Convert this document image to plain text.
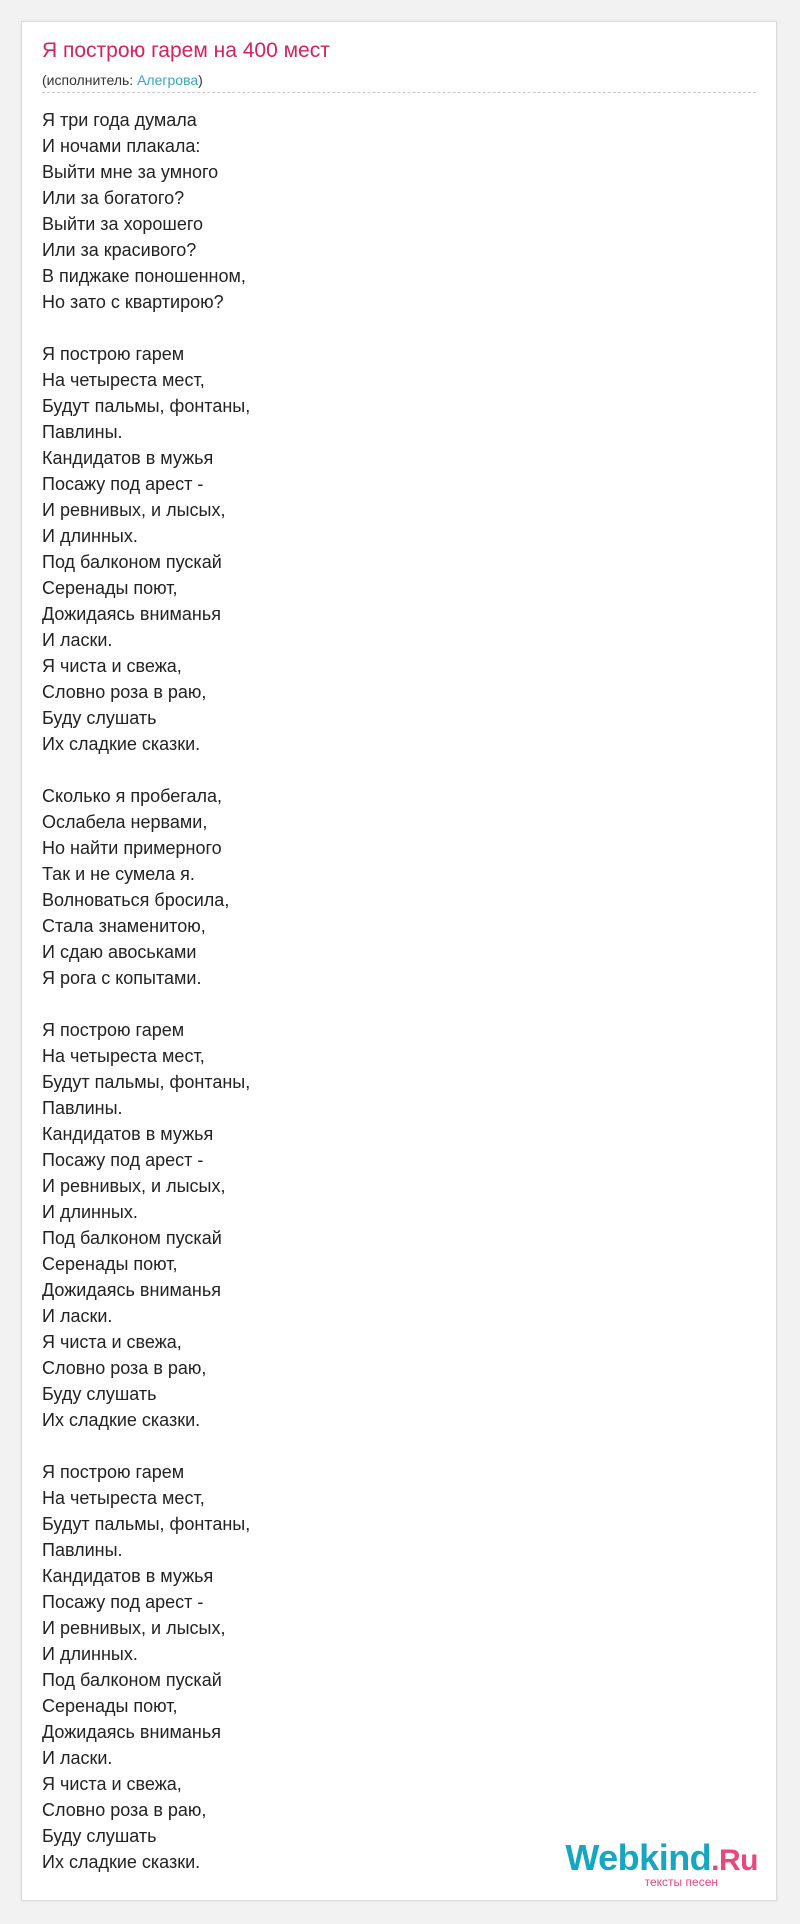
Я построю гарем на 400 мест
(исполнитель: Алегрова)
Я три года думала
И ночами плакала:
Выйти мне за умного
Или за богатого?
Выйти за хорошего
Или за красивого?
В пиджаке поношенном,
Но зато с квартирою?
Я построю гарем
На четыреста мест,
Будут пальмы, фонтаны,
Павлины.
Кандидатов в мужья
Посажу под арест -
И ревнивых, и лысых,
И длинных.
Под балконом пускай
Серенады поют,
Дожидаясь вниманья
И ласки.
Я чиста и свежа,
Словно роза в раю,
Буду слушать
Их сладкие сказки.
Сколько я пробегала,
Ослабела нервами,
Но найти примерного
Так и не сумела я.
Волноваться бросила,
Стала знаменитою,
И сдаю авоськами
Я рога с копытами.
Я построю гарем
На четыреста мест,
Будут пальмы, фонтаны,
Павлины.
Кандидатов в мужья
Посажу под арест -
И ревнивых, и лысых,
И длинных.
Под балконом пускай
Серенады поют,
Дожидаясь вниманья
И ласки.
Я чиста и свежа,
Словно роза в раю,
Буду слушать
Их сладкие сказки.
Я построю гарем
На четыреста мест,
Будут пальмы, фонтаны,
Павлины.
Кандидатов в мужья
Посажу под арест -
И ревнивых, и лысых,
И длинных.
Под балконом пускай
Серенады поют,
Дожидаясь вниманья
И ласки.
Я чиста и свежа,
Словно роза в раю,
Буду слушать
Их сладкие сказки.	Webkind.Ru
тексты песен
